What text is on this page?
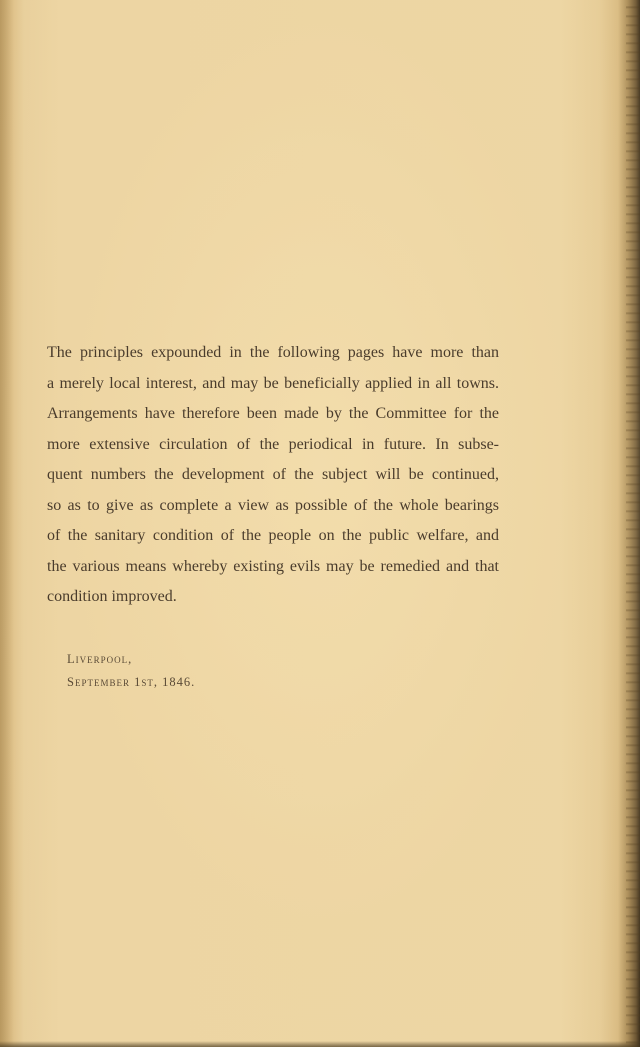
The principles expounded in the following pages have more than
a merely local interest, and may be beneficially applied in all towns.
Arrangements have therefore been made by the Committee for the
more extensive circulation of the periodical in future. In subse-
quent numbers the development of the subject will be continued,
so as to give as complete a view as possible of the whole bearings
of the sanitary condition of the people on the public welfare, and
the various means whereby existing evils may be remedied and that
condition improved.
Liverpool,
September 1st, 1846.
